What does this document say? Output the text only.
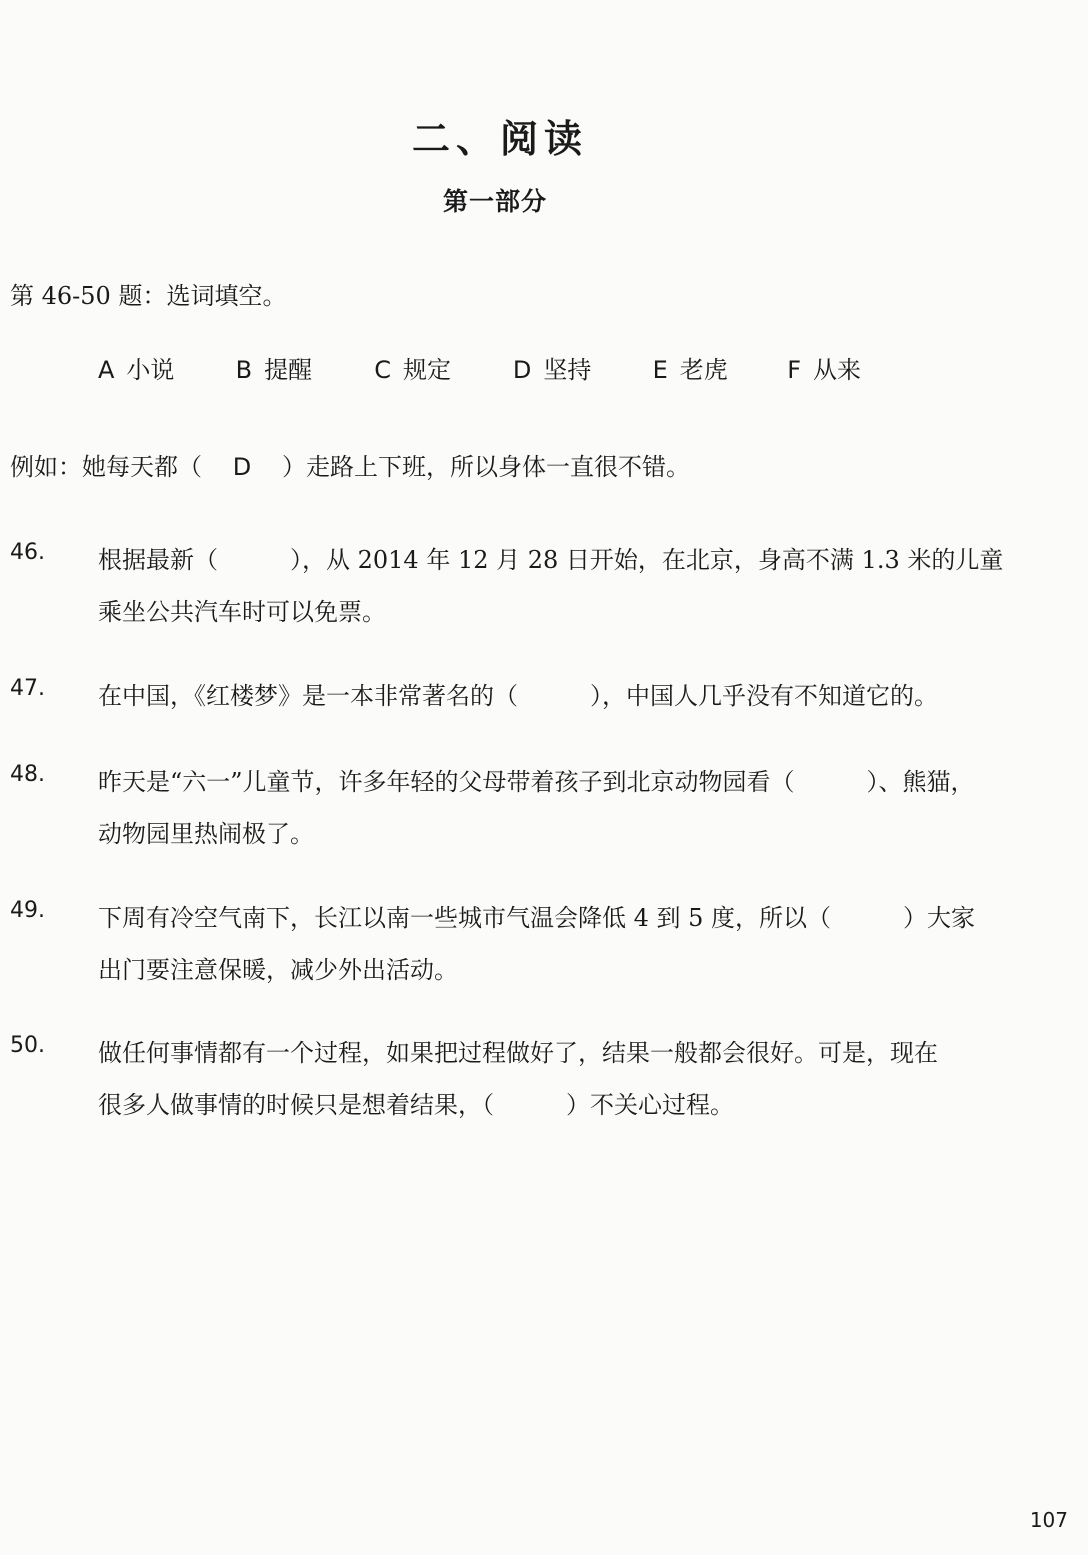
二、阅读
第一部分
第 46-50 题：选词填空。
A 小说	B 提醒	C 规定	D 坚持	E 老虎 F 从来
例如：她每天都（ D ）走路上下班，所以身体一直很不错。
46. 根据最新（　　　），从 2014 年 12 月 28 日开始，在北京，身高不满 1.3 米的儿童
乘坐公共汽车时可以免票。
47. 在中国，《红楼梦》是一本非常著名的（　　　），中国人几乎没有不知道它的。
48. 昨天是“六一”儿童节，许多年轻的父母带着孩子到北京动物园看（　　　）、熊猫，
动物园里热闹极了。
49. 下周有冷空气南下，长江以南一些城市气温会降低 4 到 5 度，所以（　　　）大家
出门要注意保暖，减少外出活动。
50. 做任何事情都有一个过程，如果把过程做好了，结果一般都会很好。可是，现在
很多人做事情的时候只是想着结果，（　　　）不关心过程。
107
